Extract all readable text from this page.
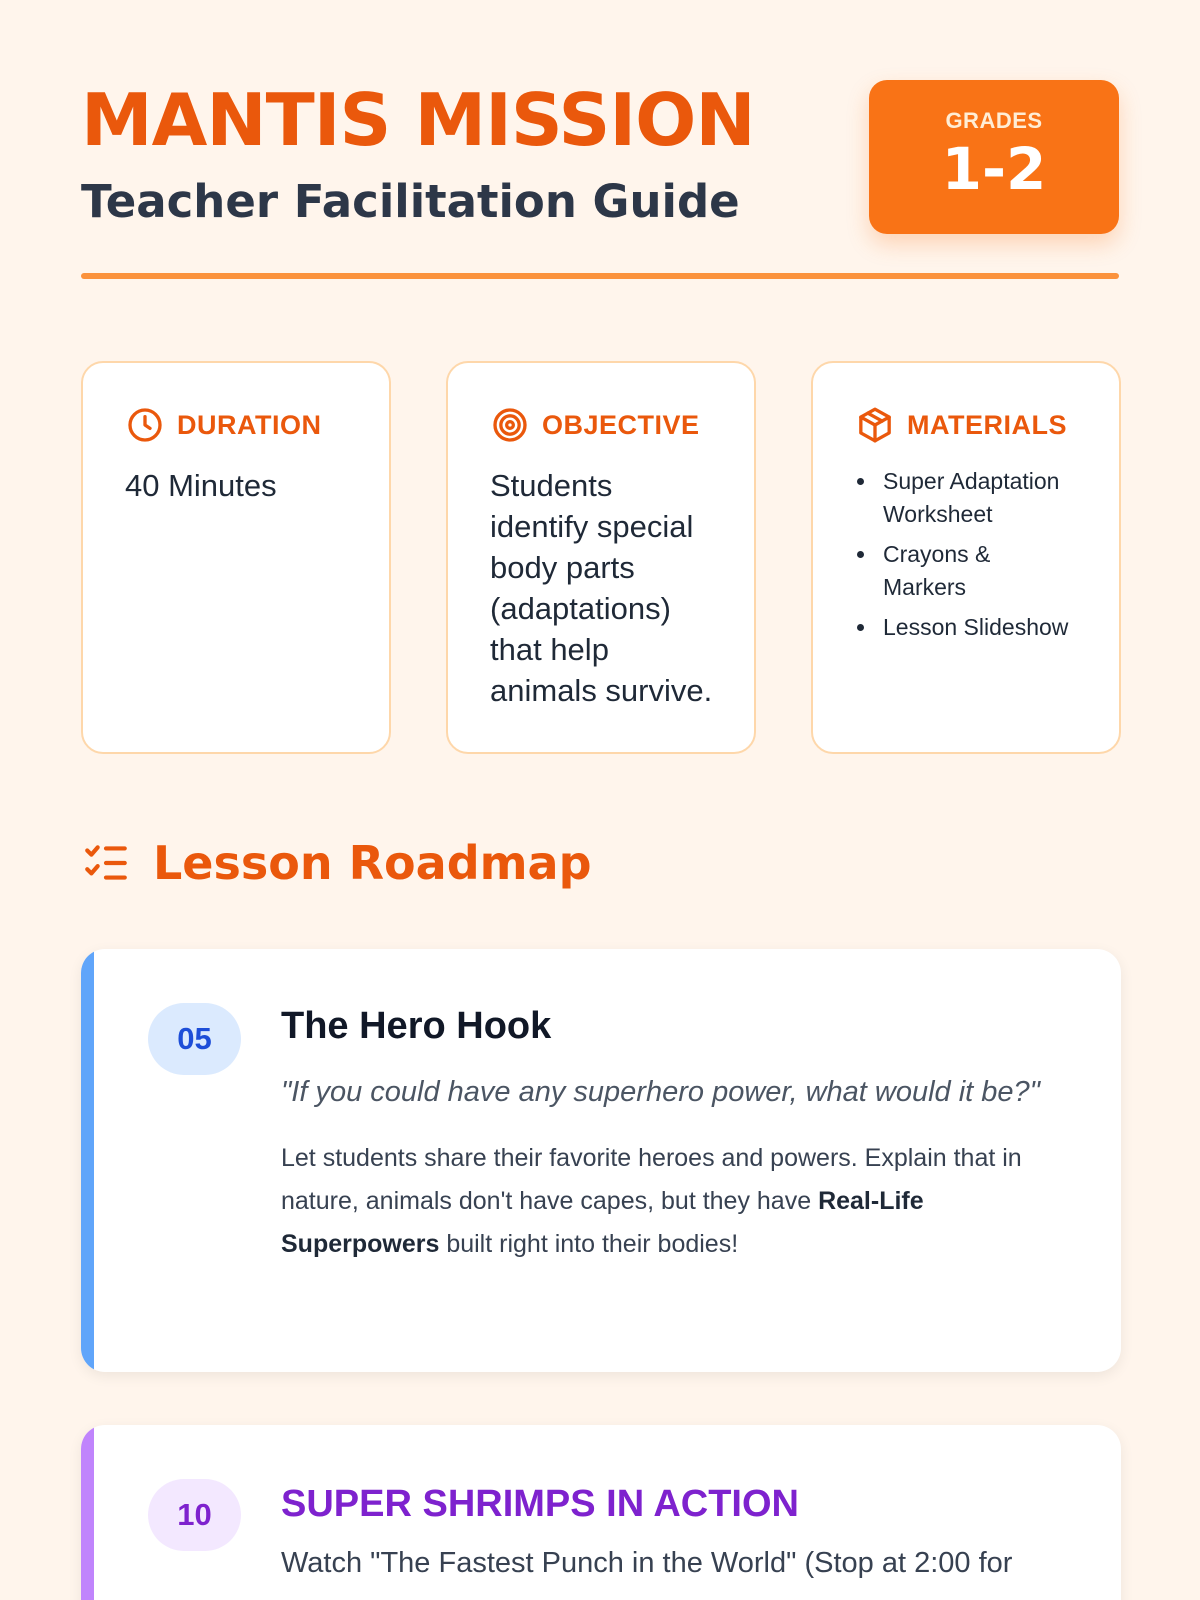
MANTIS MISSION
Teacher Facilitation Guide
GRADES
1-2
DURATION

40 Minutes

OBJECTIVE

Students identify special body parts (adaptations) that help animals survive.

MATERIALS
Super Adaptation Worksheet
Crayons & Markers
Lesson Slideshow
Lesson Roadmap
05	The Hero Hook

"If you could have any superhero power, what would it be?"

Let students share their favorite heroes and powers. Explain that in nature, animals don't have capes, but they have Real-Life Superpowers built right into their bodies!

10	SUPER SHRIMPS IN ACTION

Watch "The Fastest Punch in the World" (Stop at 2:00 for
